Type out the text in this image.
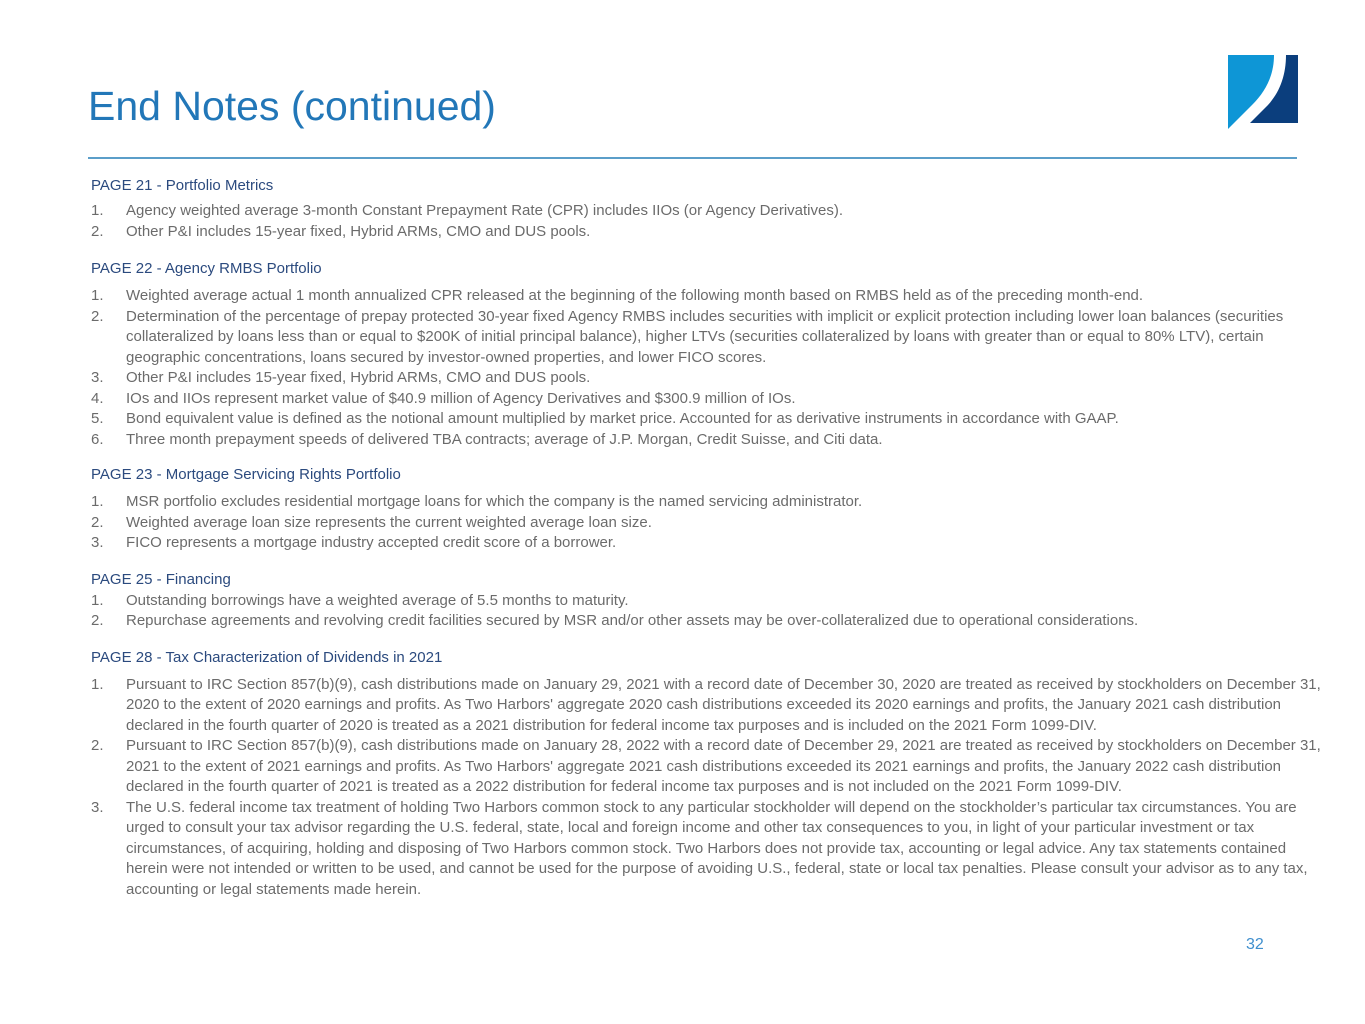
End Notes (continued)

PAGE 21 - Portfolio Metrics

1. Agency weighted average 3-month Constant Prepayment Rate (CPR) includes IIOs (or Agency Derivatives).
2. Other P&I includes 15-year fixed, Hybrid ARMs, CMO and DUS pools.

PAGE 22 - Agency RMBS Portfolio

1. Weighted average actual 1 month annualized CPR released at the beginning of the following month based on RMBS held as of the preceding month-end.
2. Determination of the percentage of prepay protected 30-year fixed Agency RMBS includes securities with implicit or explicit protection including lower loan balances (securities collateralized by loans less than or equal to $200K of initial principal balance), higher LTVs (securities collateralized by loans with greater than or equal to 80% LTV), certain geographic concentrations, loans secured by investor-owned properties, and lower FICO scores.
3. Other P&I includes 15-year fixed, Hybrid ARMs, CMO and DUS pools.
4. IOs and IIOs represent market value of $40.9 million of Agency Derivatives and $300.9 million of IOs.
5. Bond equivalent value is defined as the notional amount multiplied by market price. Accounted for as derivative instruments in accordance with GAAP.
6. Three month prepayment speeds of delivered TBA contracts; average of J.P. Morgan, Credit Suisse, and Citi data.

PAGE 23 - Mortgage Servicing Rights Portfolio

1. MSR portfolio excludes residential mortgage loans for which the company is the named servicing administrator.
2. Weighted average loan size represents the current weighted average loan size.
3. FICO represents a mortgage industry accepted credit score of a borrower.

PAGE 25 - Financing

1. Outstanding borrowings have a weighted average of 5.5 months to maturity.
2. Repurchase agreements and revolving credit facilities secured by MSR and/or other assets may be over-collateralized due to operational considerations.

PAGE 28 - Tax Characterization of Dividends in 2021

1. Pursuant to IRC Section 857(b)(9), cash distributions made on January 29, 2021 with a record date of December 30, 2020 are treated as received by stockholders on December 31, 2020 to the extent of 2020 earnings and profits. As Two Harbors' aggregate 2020 cash distributions exceeded its 2020 earnings and profits, the January 2021 cash distribution declared in the fourth quarter of 2020 is treated as a 2021 distribution for federal income tax purposes and is included on the 2021 Form 1099-DIV.
2. Pursuant to IRC Section 857(b)(9), cash distributions made on January 28, 2022 with a record date of December 29, 2021 are treated as received by stockholders on December 31, 2021 to the extent of 2021 earnings and profits. As Two Harbors' aggregate 2021 cash distributions exceeded its 2021 earnings and profits, the January 2022 cash distribution declared in the fourth quarter of 2021 is treated as a 2022 distribution for federal income tax purposes and is not included on the 2021 Form 1099-DIV.
3. The U.S. federal income tax treatment of holding Two Harbors common stock to any particular stockholder will depend on the stockholder’s particular tax circumstances. You are urged to consult your tax advisor regarding the U.S. federal, state, local and foreign income and other tax consequences to you, in light of your particular investment or tax circumstances, of acquiring, holding and disposing of Two Harbors common stock. Two Harbors does not provide tax, accounting or legal advice. Any tax statements contained herein were not intended or written to be used, and cannot be used for the purpose of avoiding U.S., federal, state or local tax penalties. Please consult your advisor as to any tax, accounting or legal statements made herein.
32
